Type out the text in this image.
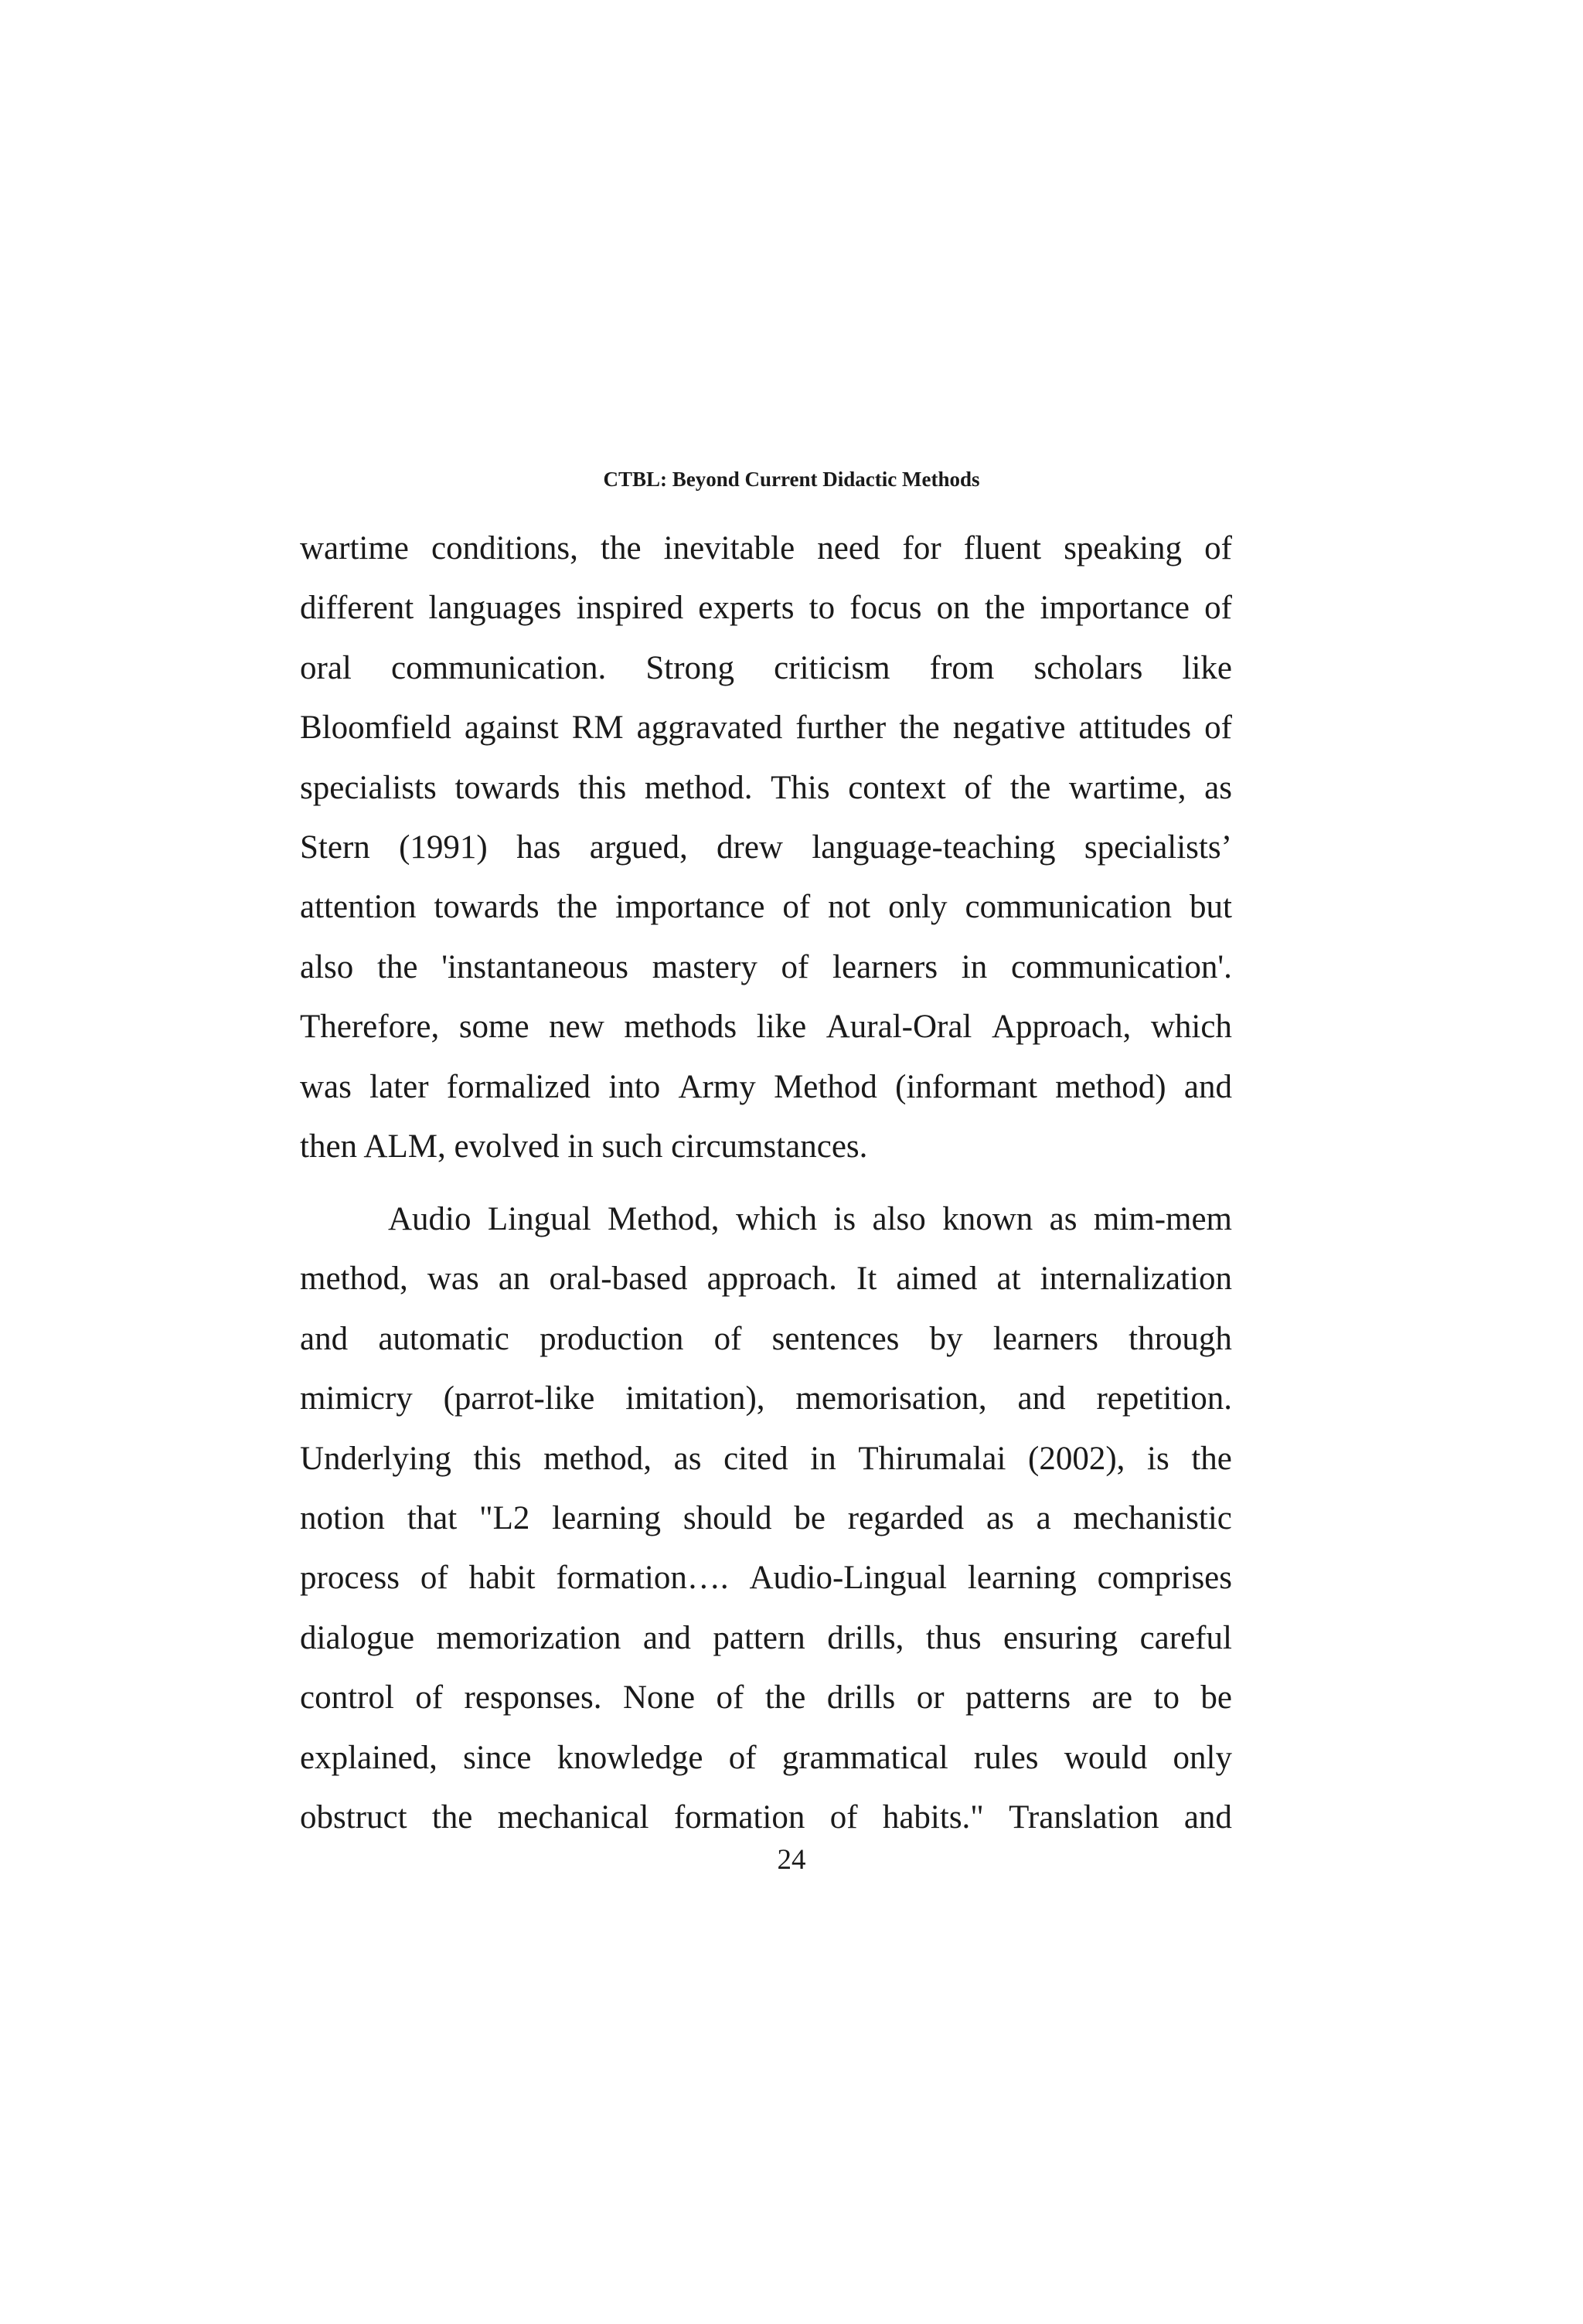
CTBL: Beyond Current Didactic Methods
wartime conditions, the inevitable need for fluent speaking of
different languages inspired experts to focus on the importance of
oral communication. Strong criticism from scholars like
Bloomfield against RM aggravated further the negative attitudes of
specialists towards this method. This context of the wartime, as
Stern (1991) has argued, drew language-teaching specialists’
attention towards the importance of not only communication but
also the 'instantaneous mastery of learners in communication'.
Therefore, some new methods like Aural-Oral Approach, which
was later formalized into Army Method (informant method) and
then ALM, evolved in such circumstances.
Audio Lingual Method, which is also known as mim-mem
method, was an oral-based approach. It aimed at internalization
and automatic production of sentences by learners through
mimicry (parrot-like imitation), memorisation, and repetition.
Underlying this method, as cited in Thirumalai (2002), is the
notion that "L2 learning should be regarded as a mechanistic
process of habit formation…. Audio-Lingual learning comprises
dialogue memorization and pattern drills, thus ensuring careful
control of responses. None of the drills or patterns are to be
explained, since knowledge of grammatical rules would only
obstruct the mechanical formation of habits." Translation and
24
